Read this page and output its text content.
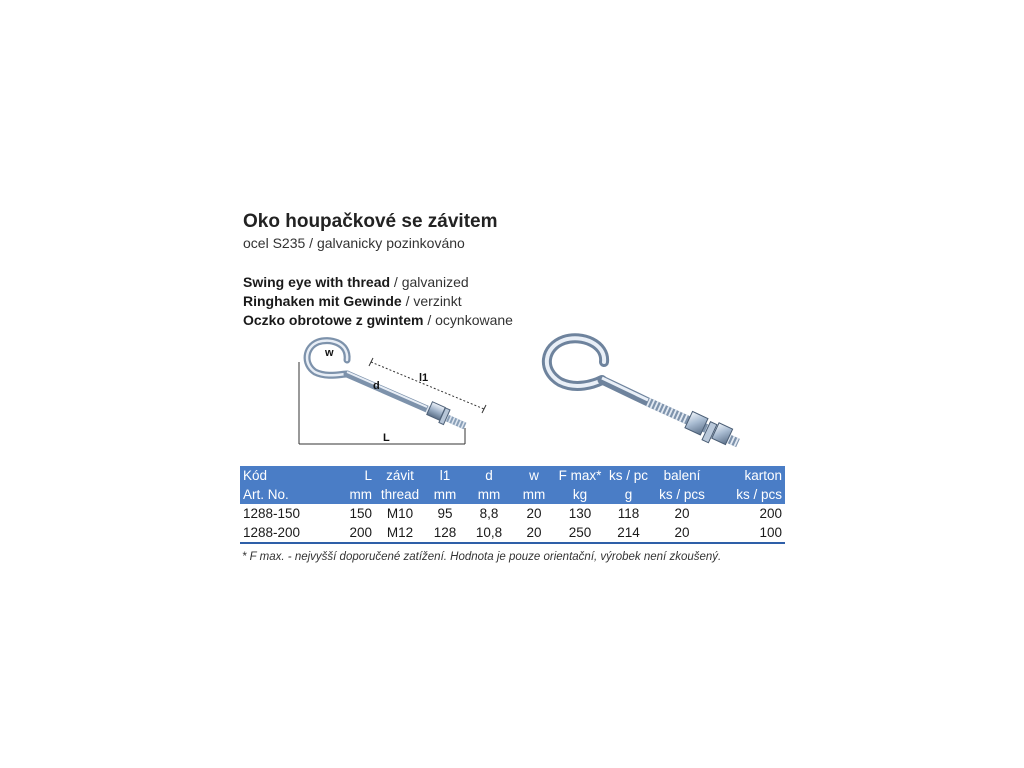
Oko houpačkové se závitem
ocel S235 / galvanicky pozinkováno
Swing eye with thread / galvanized
Ringhaken mit Gewinde / verzinkt
Oczko obrotowe z gwintem / ocynkowane
w
d
l1
L
Kód	L	závit	l1	d	w	F max*	ks / pc	balení	karton
Art. No.	mm	thread	mm	mm	mm	kg	g	ks / pcs	ks / pcs
1288-150	150	M10	95	8,8	20	130	118	20	200
1288-200	200	M12	128	10,8	20	250	214	20	100
* F max. - nejvyšší doporučené zatížení. Hodnota je pouze orientační, výrobek není zkoušený.
